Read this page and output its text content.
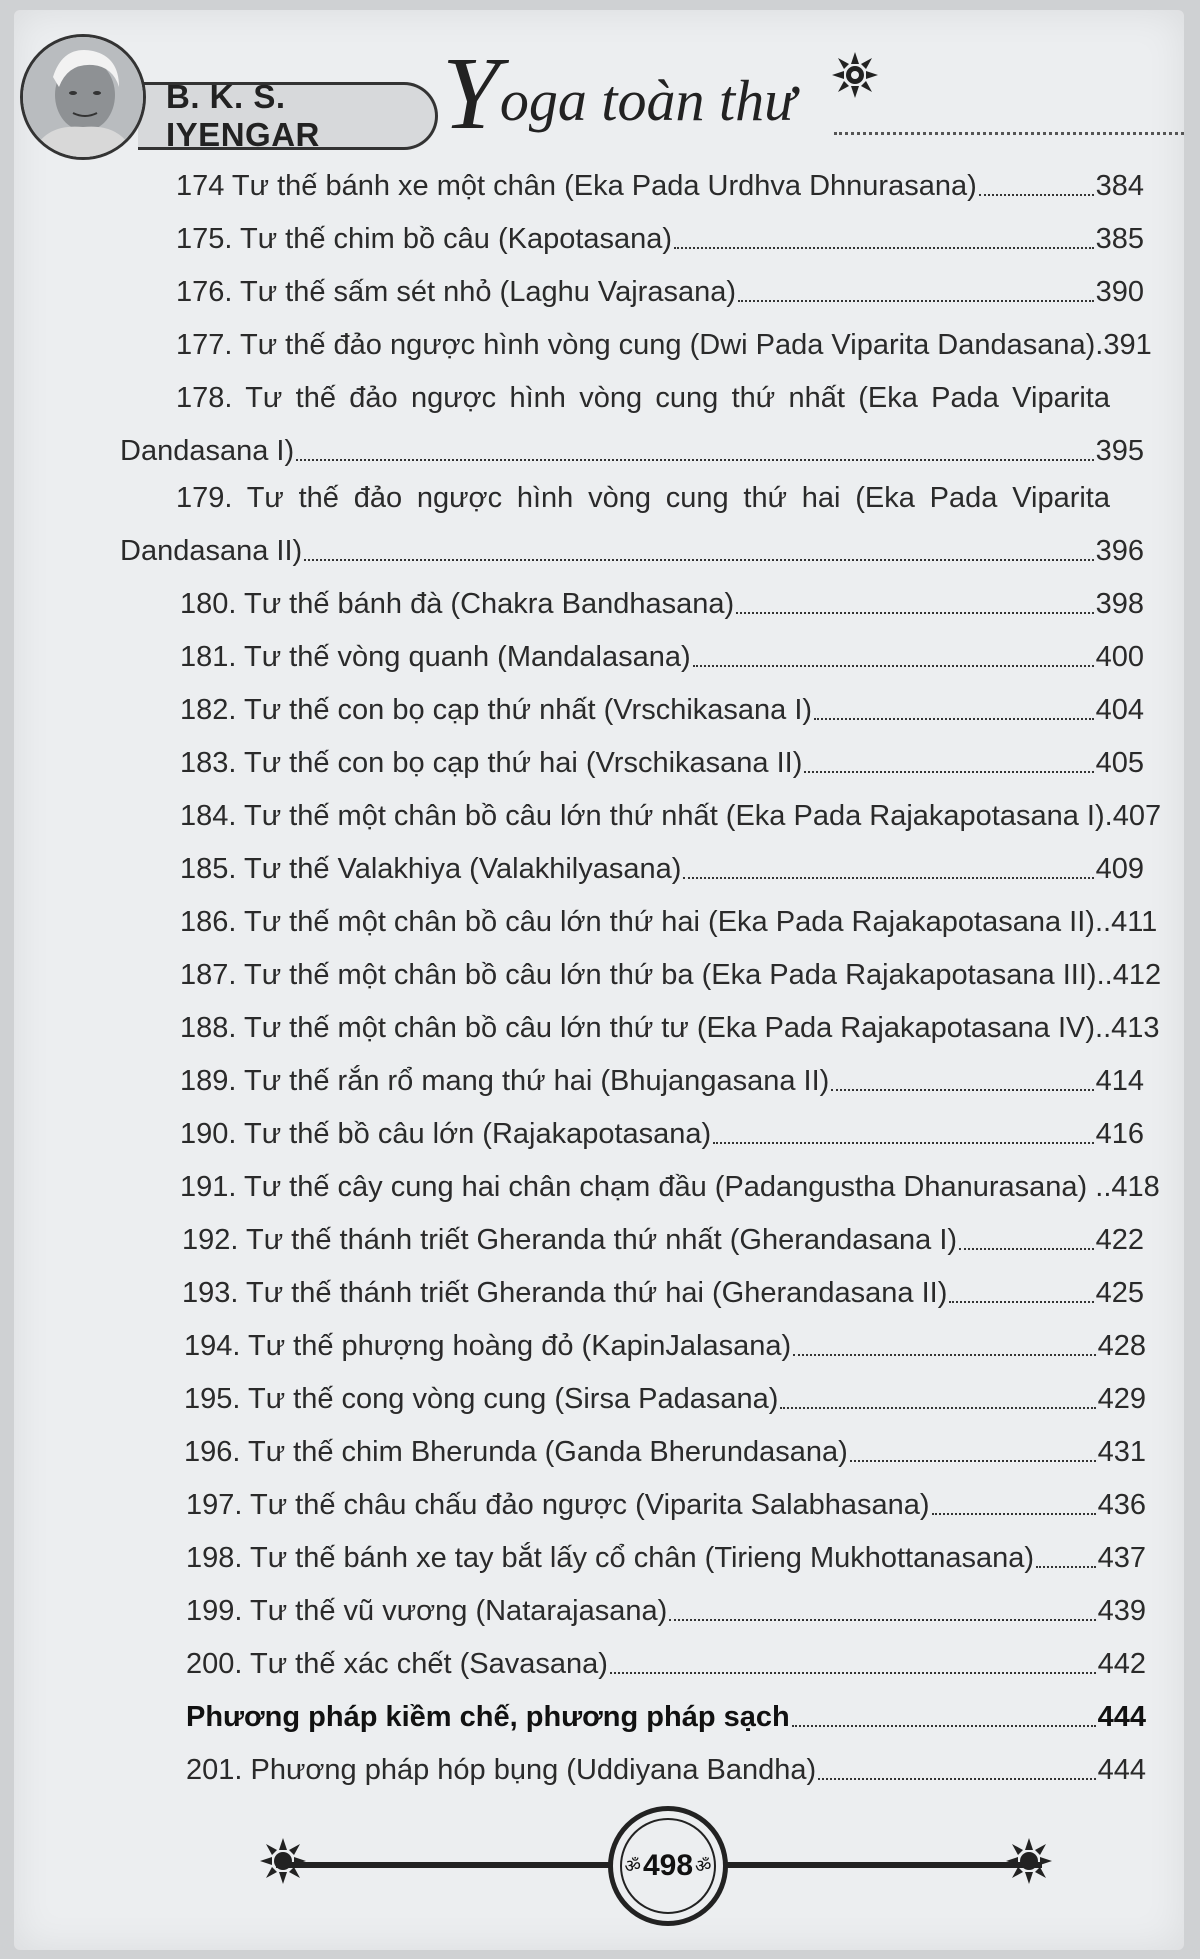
B. K. S. IYENGAR	Yoga toàn thư
174 Tư thế bánh xe một chân (Eka Pada Urdhva Dhnurasana)	384
175. Tư thế chim bồ câu (Kapotasana)	385
176. Tư thế sấm sét nhỏ (Laghu Vajrasana)	390
177. Tư thế đảo ngược hình vòng cung (Dwi Pada Viparita Dandasana) .391
178. Tư thế đảo ngược hình vòng cung thứ nhất (Eka Pada Viparita
Dandasana I)	395
179. Tư thế đảo ngược hình vòng cung thứ hai (Eka Pada Viparita
Dandasana II)	396
180. Tư thế bánh đà (Chakra Bandhasana)	398
181. Tư thế vòng quanh (Mandalasana)	400
182. Tư thế con bọ cạp thứ nhất (Vrschikasana I)	404
183. Tư thế con bọ cạp thứ hai (Vrschikasana II)	405
184. Tư thế một chân bồ câu lớn thứ nhất (Eka Pada Rajakapotasana I). 407
185. Tư thế Valakhiya (Valakhilyasana)	409
186. Tư thế một chân bồ câu lớn thứ hai (Eka Pada Rajakapotasana II).. 411
187. Tư thế một chân bồ câu lớn thứ ba (Eka Pada Rajakapotasana III).. 412
188. Tư thế một chân bồ câu lớn thứ tư (Eka Pada Rajakapotasana IV).. 413
189. Tư thế rắn rổ mang thứ hai (Bhujangasana II)	414
190. Tư thế bồ câu lớn (Rajakapotasana)	416
191. Tư thế cây cung hai chân chạm đầu (Padangustha Dhanurasana) .. 418
192. Tư thế thánh triết Gheranda thứ nhất (Gherandasana I)	422
193. Tư thế thánh triết Gheranda thứ hai (Gherandasana II)	425
194. Tư thế phượng hoàng đỏ (KapinJalasana)	428
195. Tư thế cong vòng cung (Sirsa Padasana)	429
196. Tư thế chim Bherunda (Ganda Bherundasana)	431
197. Tư thế châu chấu đảo ngược (Viparita Salabhasana)	436
198. Tư thế bánh xe tay bắt lấy cổ chân (Tirieng Mukhottanasana) 437
199. Tư thế vũ vương (Natarajasana)	439
200. Tư thế xác chết (Savasana)	442
Phương pháp kiềm chế, phương pháp sạch	444
201. Phương pháp hóp bụng (Uddiyana Bandha)	444
ॐ 498 ॐ
